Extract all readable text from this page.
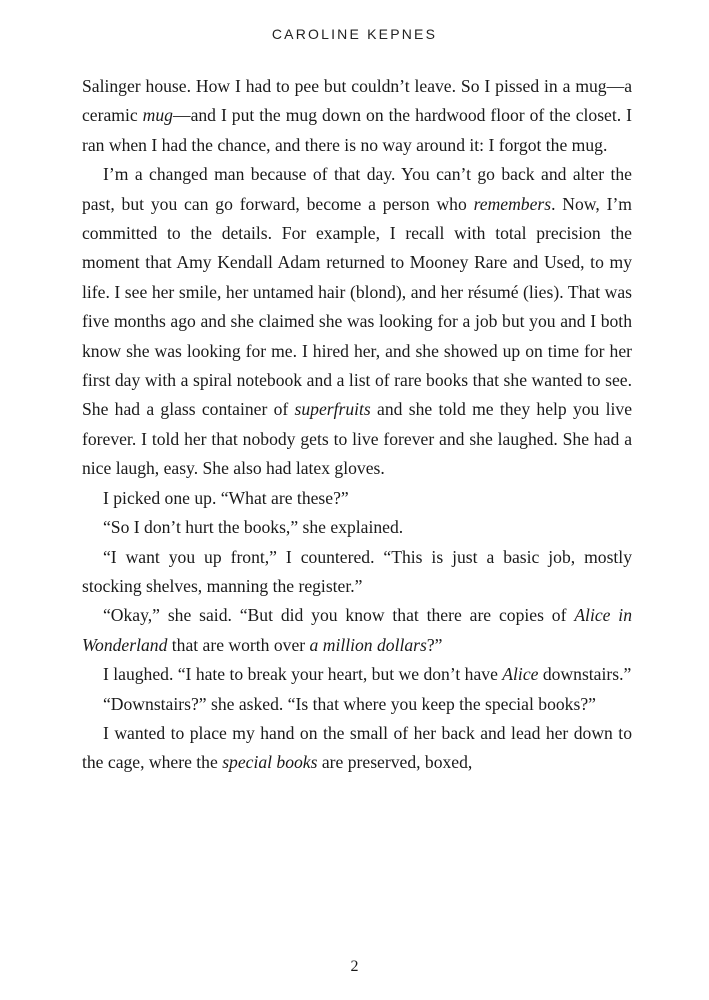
CAROLINE KEPNES

Salinger house. How I had to pee but couldn’t leave. So I pissed in a mug—a ceramic mug—and I put the mug down on the hardwood floor of the closet. I ran when I had the chance, and there is no way around it: I forgot the mug.

I’m a changed man because of that day. You can’t go back and alter the past, but you can go forward, become a person who remembers. Now, I’m committed to the details. For example, I recall with total precision the moment that Amy Kendall Adam returned to Mooney Rare and Used, to my life. I see her smile, her untamed hair (blond), and her résumé (lies). That was five months ago and she claimed she was looking for a job but you and I both know she was looking for me. I hired her, and she showed up on time for her first day with a spiral notebook and a list of rare books that she wanted to see. She had a glass container of superfruits and she told me they help you live forever. I told her that nobody gets to live forever and she laughed. She had a nice laugh, easy. She also had latex gloves.

I picked one up. “What are these?”

“So I don’t hurt the books,” she explained.

“I want you up front,” I countered. “This is just a basic job, mostly stocking shelves, manning the register.”

“Okay,” she said. “But did you know that there are copies of Alice in Wonderland that are worth over a million dollars?”

I laughed. “I hate to break your heart, but we don’t have Alice downstairs.”

“Downstairs?” she asked. “Is that where you keep the special books?”

I wanted to place my hand on the small of her back and lead her down to the cage, where the special books are preserved, boxed,

2
